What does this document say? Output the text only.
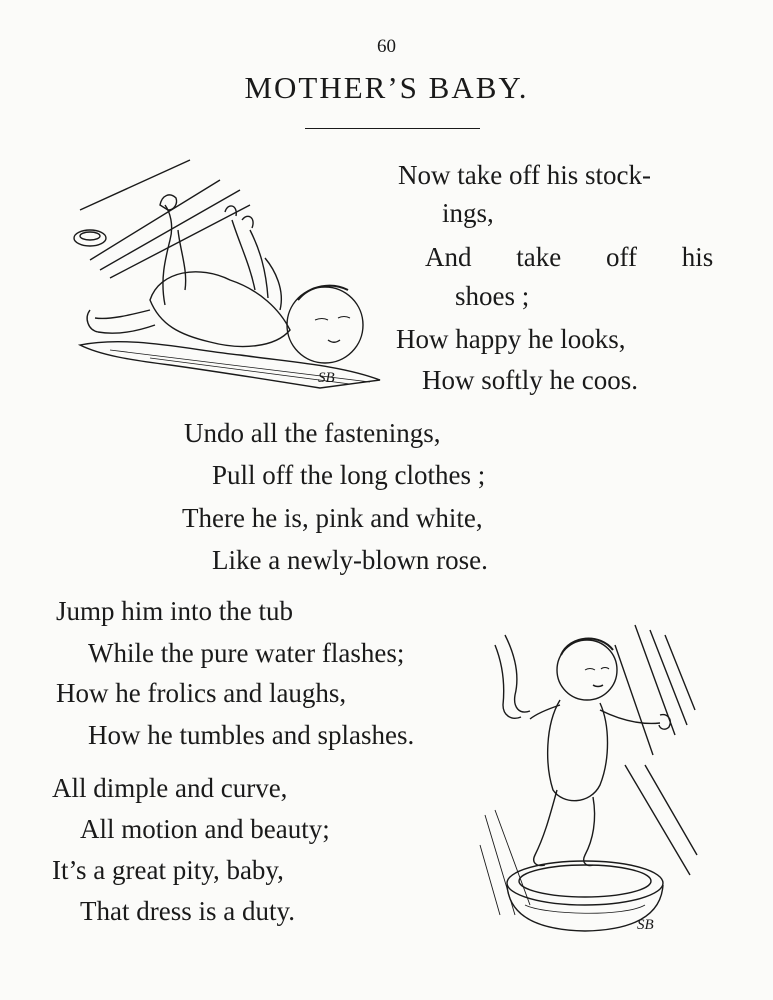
60
MOTHER’S BABY.
SB
Now take off his stock-
ings,
And take off his
shoes ;
How happy he looks,
How softly he coos.
Undo all the fastenings,
Pull off the long clothes ;
There he is, pink and white,
Like a newly-blown rose.
Jump him into the tub
While the pure water flashes;
How he frolics and laughs,
How he tumbles and splashes.
All dimple and curve,
All motion and beauty;
It’s a great pity, baby,
That dress is a duty.	SB
